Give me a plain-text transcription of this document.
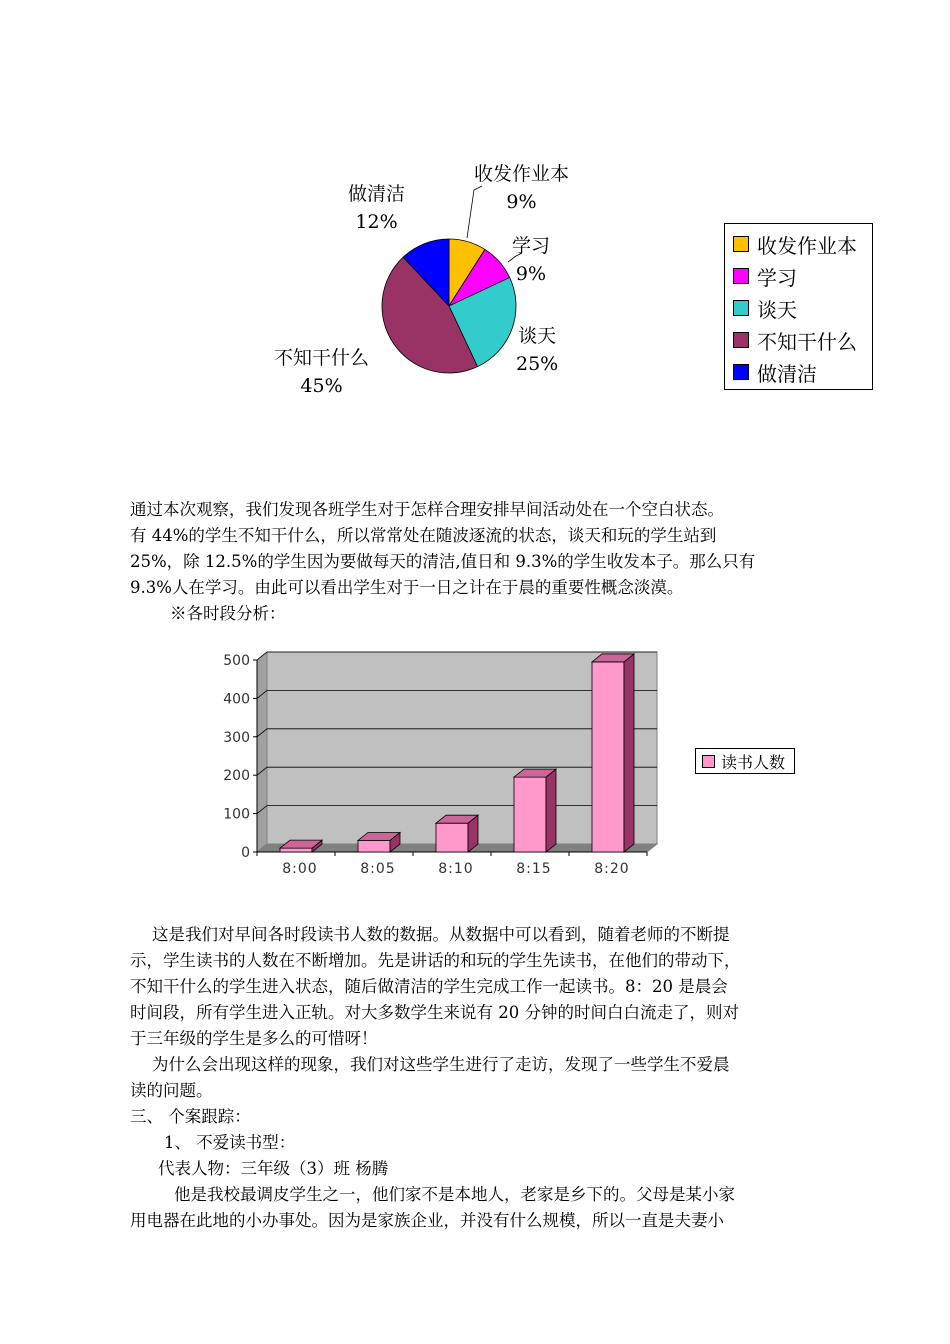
做清洁
12%
收发作业本
9%
学习
9%
谈天
25%
不知干什么
45%
收发作业本
学习
谈天
不知干什么
做清洁

通过本次观察，我们发现各班学生对于怎样合理安排早间活动处在一个空白状态。

有 44%的学生不知干什么，所以常常处在随波逐流的状态，谈天和玩的学生站到

25%，除 12.5%的学生因为要做每天的清洁,值日和 9.3%的学生收发本子。那么只有

9.3%人在学习。由此可以看出学生对于一日之计在于晨的重要性概念淡漠。

※各时段分析：

0
100
200
300
400
500
8:00	8:05	8:10	8:15	8:20
读书人数

这是我们对早间各时段读书人数的数据。从数据中可以看到，随着老师的不断提

示，学生读书的人数在不断增加。先是讲话的和玩的学生先读书，在他们的带动下，

不知干什么的学生进入状态，随后做清洁的学生完成工作一起读书。8：20 是晨会

时间段，所有学生进入正轨。对大多数学生来说有 20 分钟的时间白白流走了，则对

于三年级的学生是多么的可惜呀！

为什么会出现这样的现象，我们对这些学生进行了走访，发现了一些学生不爱晨

读的问题。

三、 个案跟踪：

1、 不爱读书型：

代表人物：三年级（3）班 杨腾

他是我校最调皮学生之一，他们家不是本地人，老家是乡下的。父母是某小家

用电器在此地的小办事处。因为是家族企业，并没有什么规模，所以一直是夫妻小
